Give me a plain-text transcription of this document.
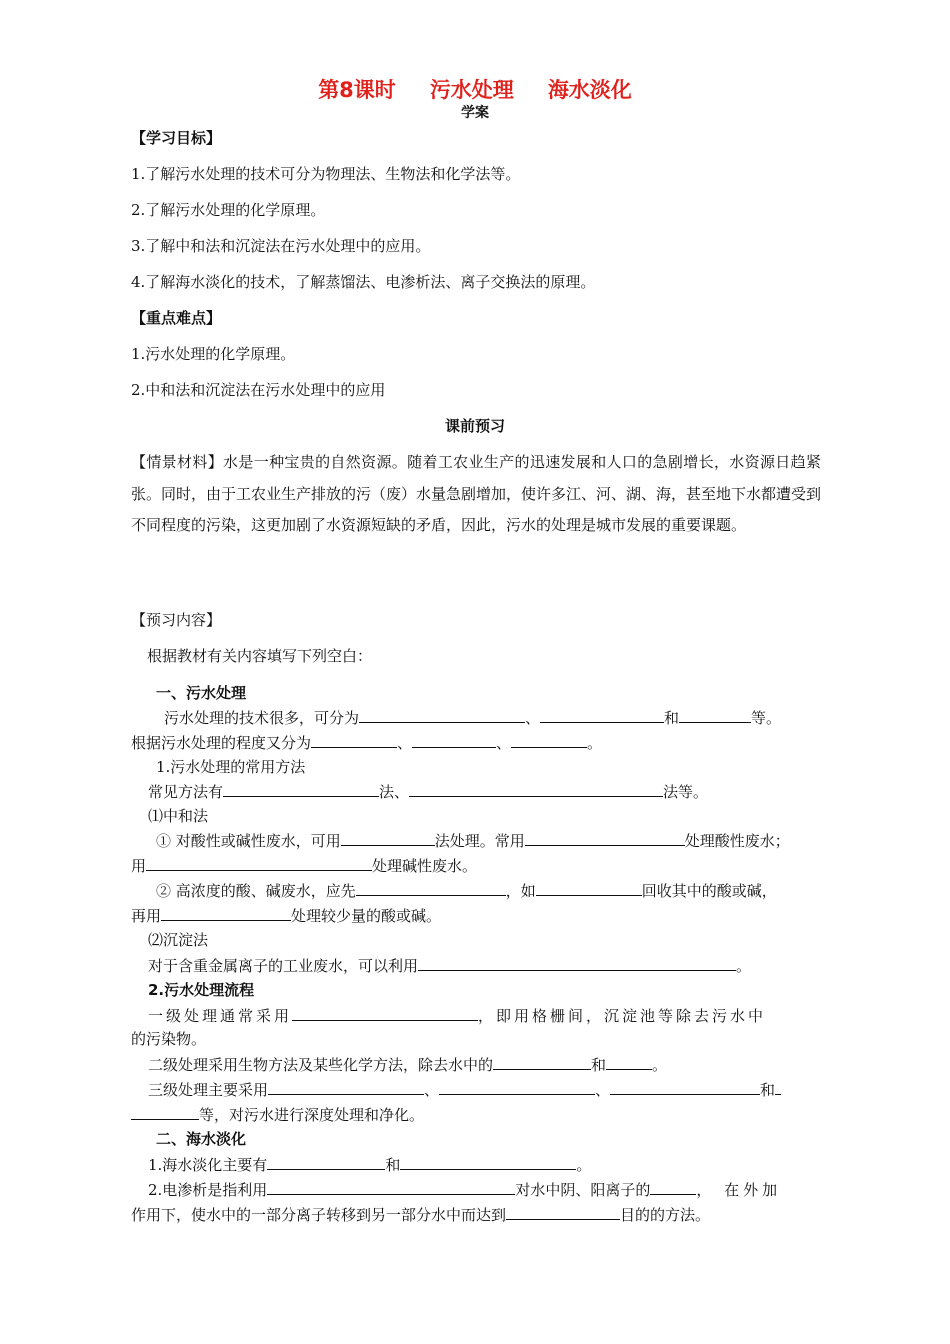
第8课时 污水处理 海水淡化
学案
【学习目标】
1.了解污水处理的技术可分为物理法、生物法和化学法等。
2.了解污水处理的化学原理。
3.了解中和法和沉淀法在污水处理中的应用。
4.了解海水淡化的技术，了解蒸馏法、电渗析法、离子交换法的原理。
【重点难点】
1.污水处理的化学原理。
2.中和法和沉淀法在污水处理中的应用
课前预习
【情景材料】水是一种宝贵的自然资源。随着工农业生产的迅速发展和人口的急剧增长，水资源日趋紧张。同时，由于工农业生产排放的污（废）水量急剧增加，使许多江、河、湖、海，甚至地下水都遭受到不同程度的污染，这更加剧了水资源短缺的矛盾，因此，污水的处理是城市发展的重要课题。
【预习内容】
根据教材有关内容填写下列空白：
一、污水处理
污水处理的技术很多，可分为	、	和	等。
根据污水处理的程度又分为	、	、	。
1.污水处理的常用方法
常见方法有	法、	法等。
⑴中和法
① 对酸性或碱性废水，可用	法处理。常用	处理酸性废水；
用	处理碱性废水。
② 高浓度的酸、碱废水，应先	，如	回收其中的酸或碱，
再用	处理较少量的酸或碱。
⑵沉淀法
对于含重金属离子的工业废水，可以利用	。
2.污水处理流程
一级处理通常采用	，即用格栅间，沉淀池等除去污水中
的污染物。
二级处理采用生物方法及某些化学方法，除去水中的	和	。
三级处理主要采用	、	、	和
等，对污水进行深度处理和净化。
二、海水淡化
1.海水淡化主要有	和	。
2.电渗析是指利用	对水中阴、阳离子的	， 在外加
作用下，使水中的一部分离子转移到另一部分水中而达到	目的的方法。
